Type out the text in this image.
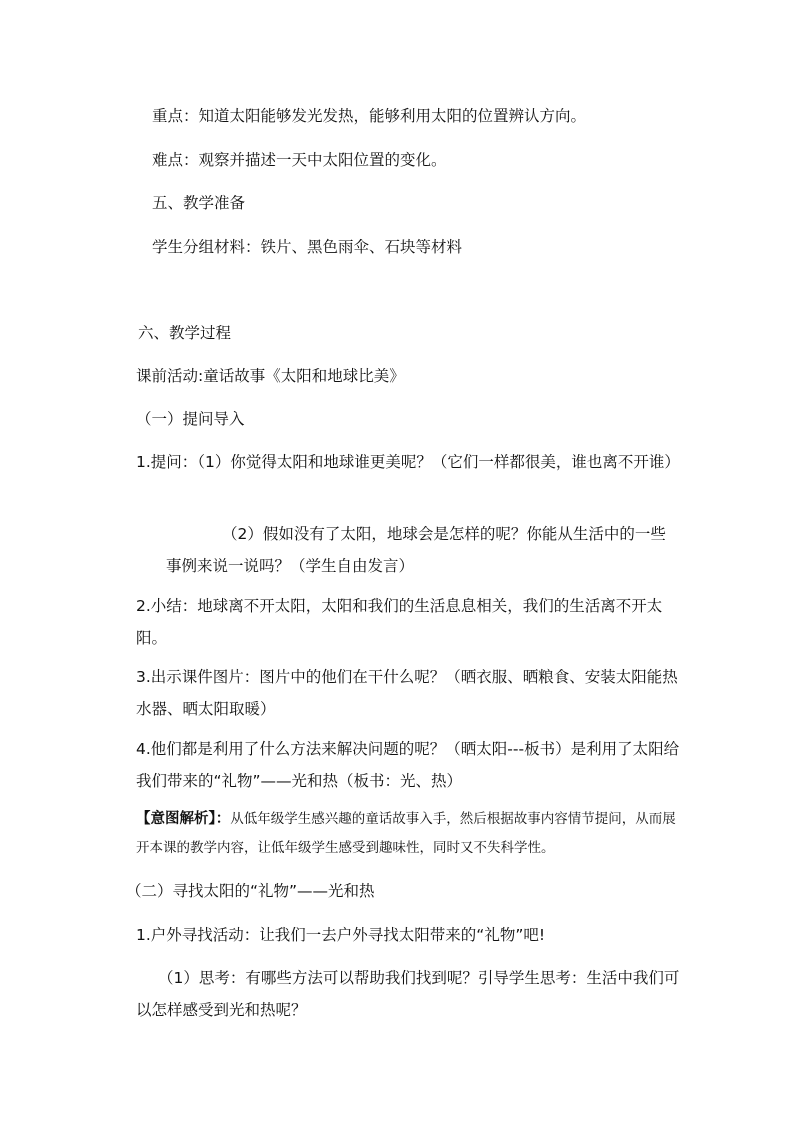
重点：知道太阳能够发光发热，能够利用太阳的位置辨认方向。
难点：观察并描述一天中太阳位置的变化。
五、教学准备
学生分组材料：铁片、黑色雨伞、石块等材料
六、教学过程
课前活动:童话故事《太阳和地球比美》
（一）提问导入
1.提问：（1）你觉得太阳和地球谁更美呢？（它们一样都很美，谁也离不开谁）
（2）假如没有了太阳，地球会是怎样的呢？你能从生活中的一些事例来说一说吗？（学生自由发言）
2.小结：地球离不开太阳，太阳和我们的生活息息相关，我们的生活离不开太阳。
3.出示课件图片：图片中的他们在干什么呢？（晒衣服、晒粮食、安装太阳能热水器、晒太阳取暖）
4.他们都是利用了什么方法来解决问题的呢？（晒太阳---板书）是利用了太阳给我们带来的“礼物”——光和热（板书：光、热）
【意图解析】：从低年级学生感兴趣的童话故事入手，然后根据故事内容情节提问，从而展开本课的教学内容，让低年级学生感受到趣味性，同时又不失科学性。
（二）寻找太阳的“礼物”——光和热
1.户外寻找活动：让我们一去户外寻找太阳带来的“礼物”吧!
（1）思考：有哪些方法可以帮助我们找到呢？引导学生思考：生活中我们可以怎样感受到光和热呢？
